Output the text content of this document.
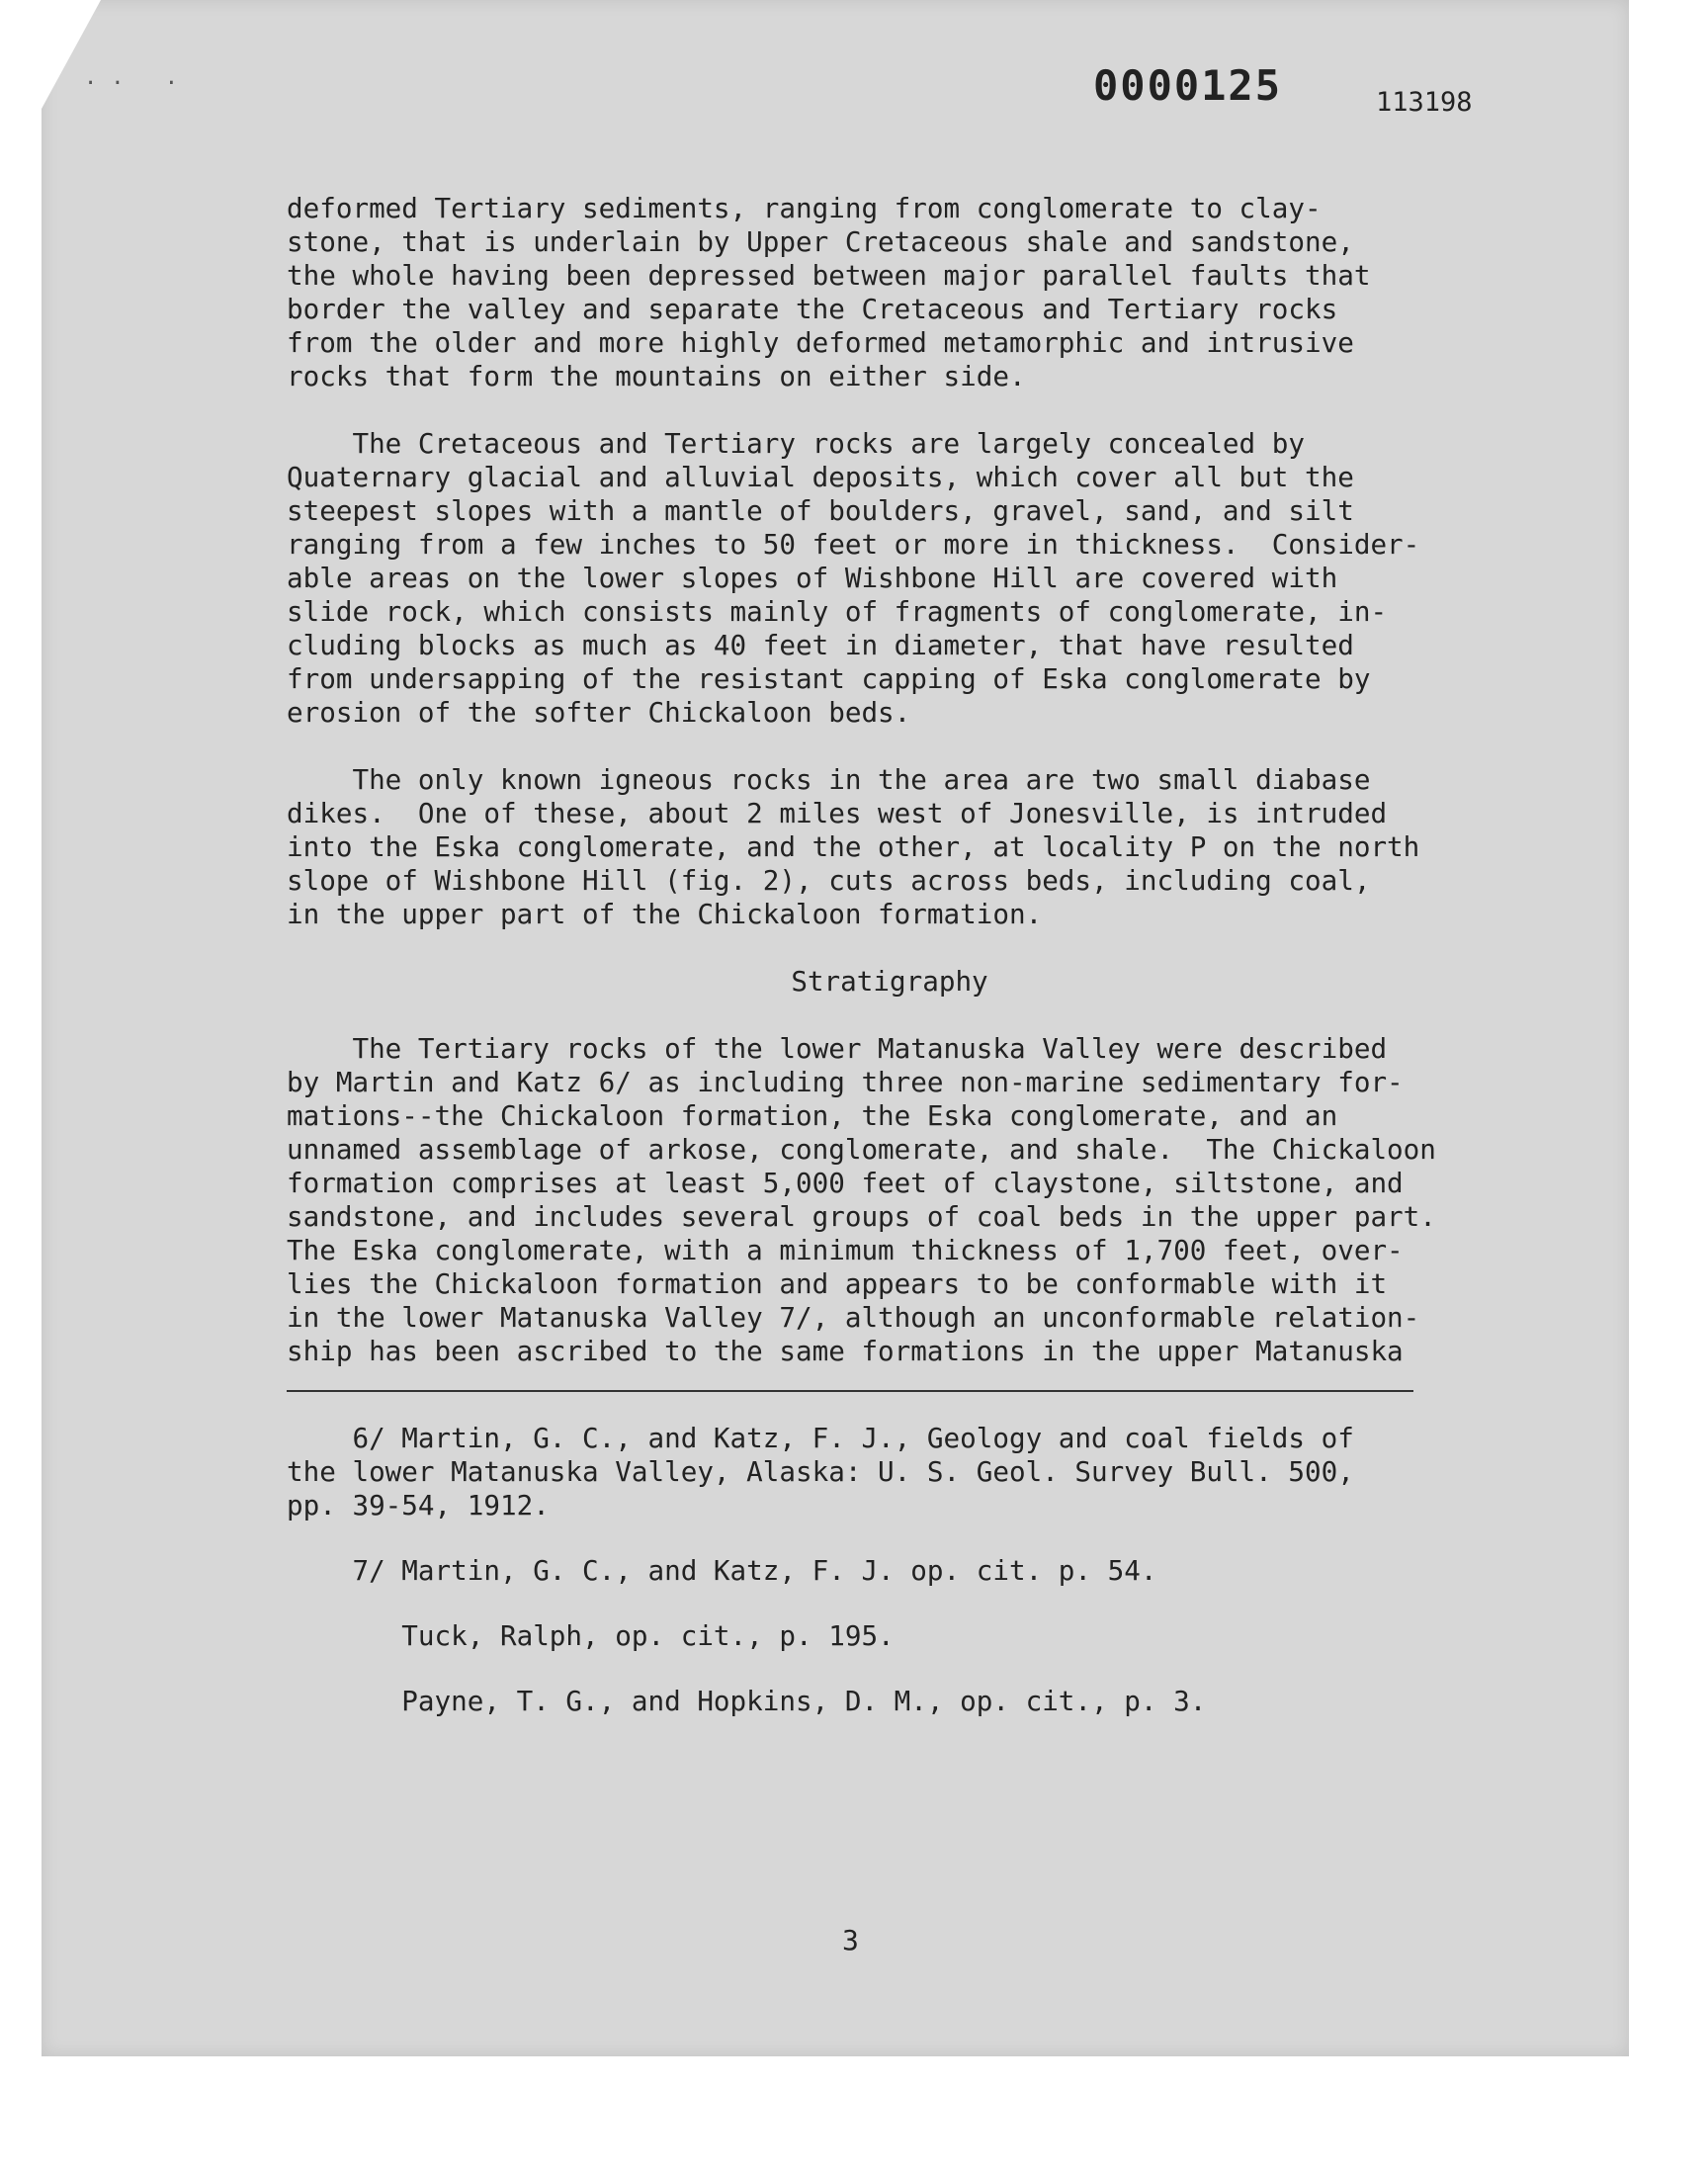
·· ·	0000125	113198
deformed Tertiary sediments, ranging from conglomerate to clay-
stone, that is underlain by Upper Cretaceous shale and sandstone,
the whole having been depressed between major parallel faults that
border the valley and separate the Cretaceous and Tertiary rocks
from the older and more highly deformed metamorphic and intrusive
rocks that form the mountains on either side.
The Cretaceous and Tertiary rocks are largely concealed by
Quaternary glacial and alluvial deposits, which cover all but the
steepest slopes with a mantle of boulders, gravel, sand, and silt
ranging from a few inches to 50 feet or more in thickness.  Consider-
able areas on the lower slopes of Wishbone Hill are covered with
slide rock, which consists mainly of fragments of conglomerate, in-
cluding blocks as much as 40 feet in diameter, that have resulted
from undersapping of the resistant capping of Eska conglomerate by
erosion of the softer Chickaloon beds.
The only known igneous rocks in the area are two small diabase
dikes.  One of these, about 2 miles west of Jonesville, is intruded
into the Eska conglomerate, and the other, at locality P on the north
slope of Wishbone Hill (fig. 2), cuts across beds, including coal,
in the upper part of the Chickaloon formation.
Stratigraphy
The Tertiary rocks of the lower Matanuska Valley were described
by Martin and Katz 6/ as including three non-marine sedimentary for-
mations--the Chickaloon formation, the Eska conglomerate, and an
unnamed assemblage of arkose, conglomerate, and shale.  The Chickaloon
formation comprises at least 5,000 feet of claystone, siltstone, and
sandstone, and includes several groups of coal beds in the upper part.
The Eska conglomerate, with a minimum thickness of 1,700 feet, over-
lies the Chickaloon formation and appears to be conformable with it
in the lower Matanuska Valley 7/, although an unconformable relation-
ship has been ascribed to the same formations in the upper Matanuska
6/ Martin, G. C., and Katz, F. J., Geology and coal fields of
the lower Matanuska Valley, Alaska: U. S. Geol. Survey Bull. 500,
pp. 39-54, 1912.
7/ Martin, G. C., and Katz, F. J. op. cit. p. 54.
Tuck, Ralph, op. cit., p. 195.
Payne, T. G., and Hopkins, D. M., op. cit., p. 3.
3
